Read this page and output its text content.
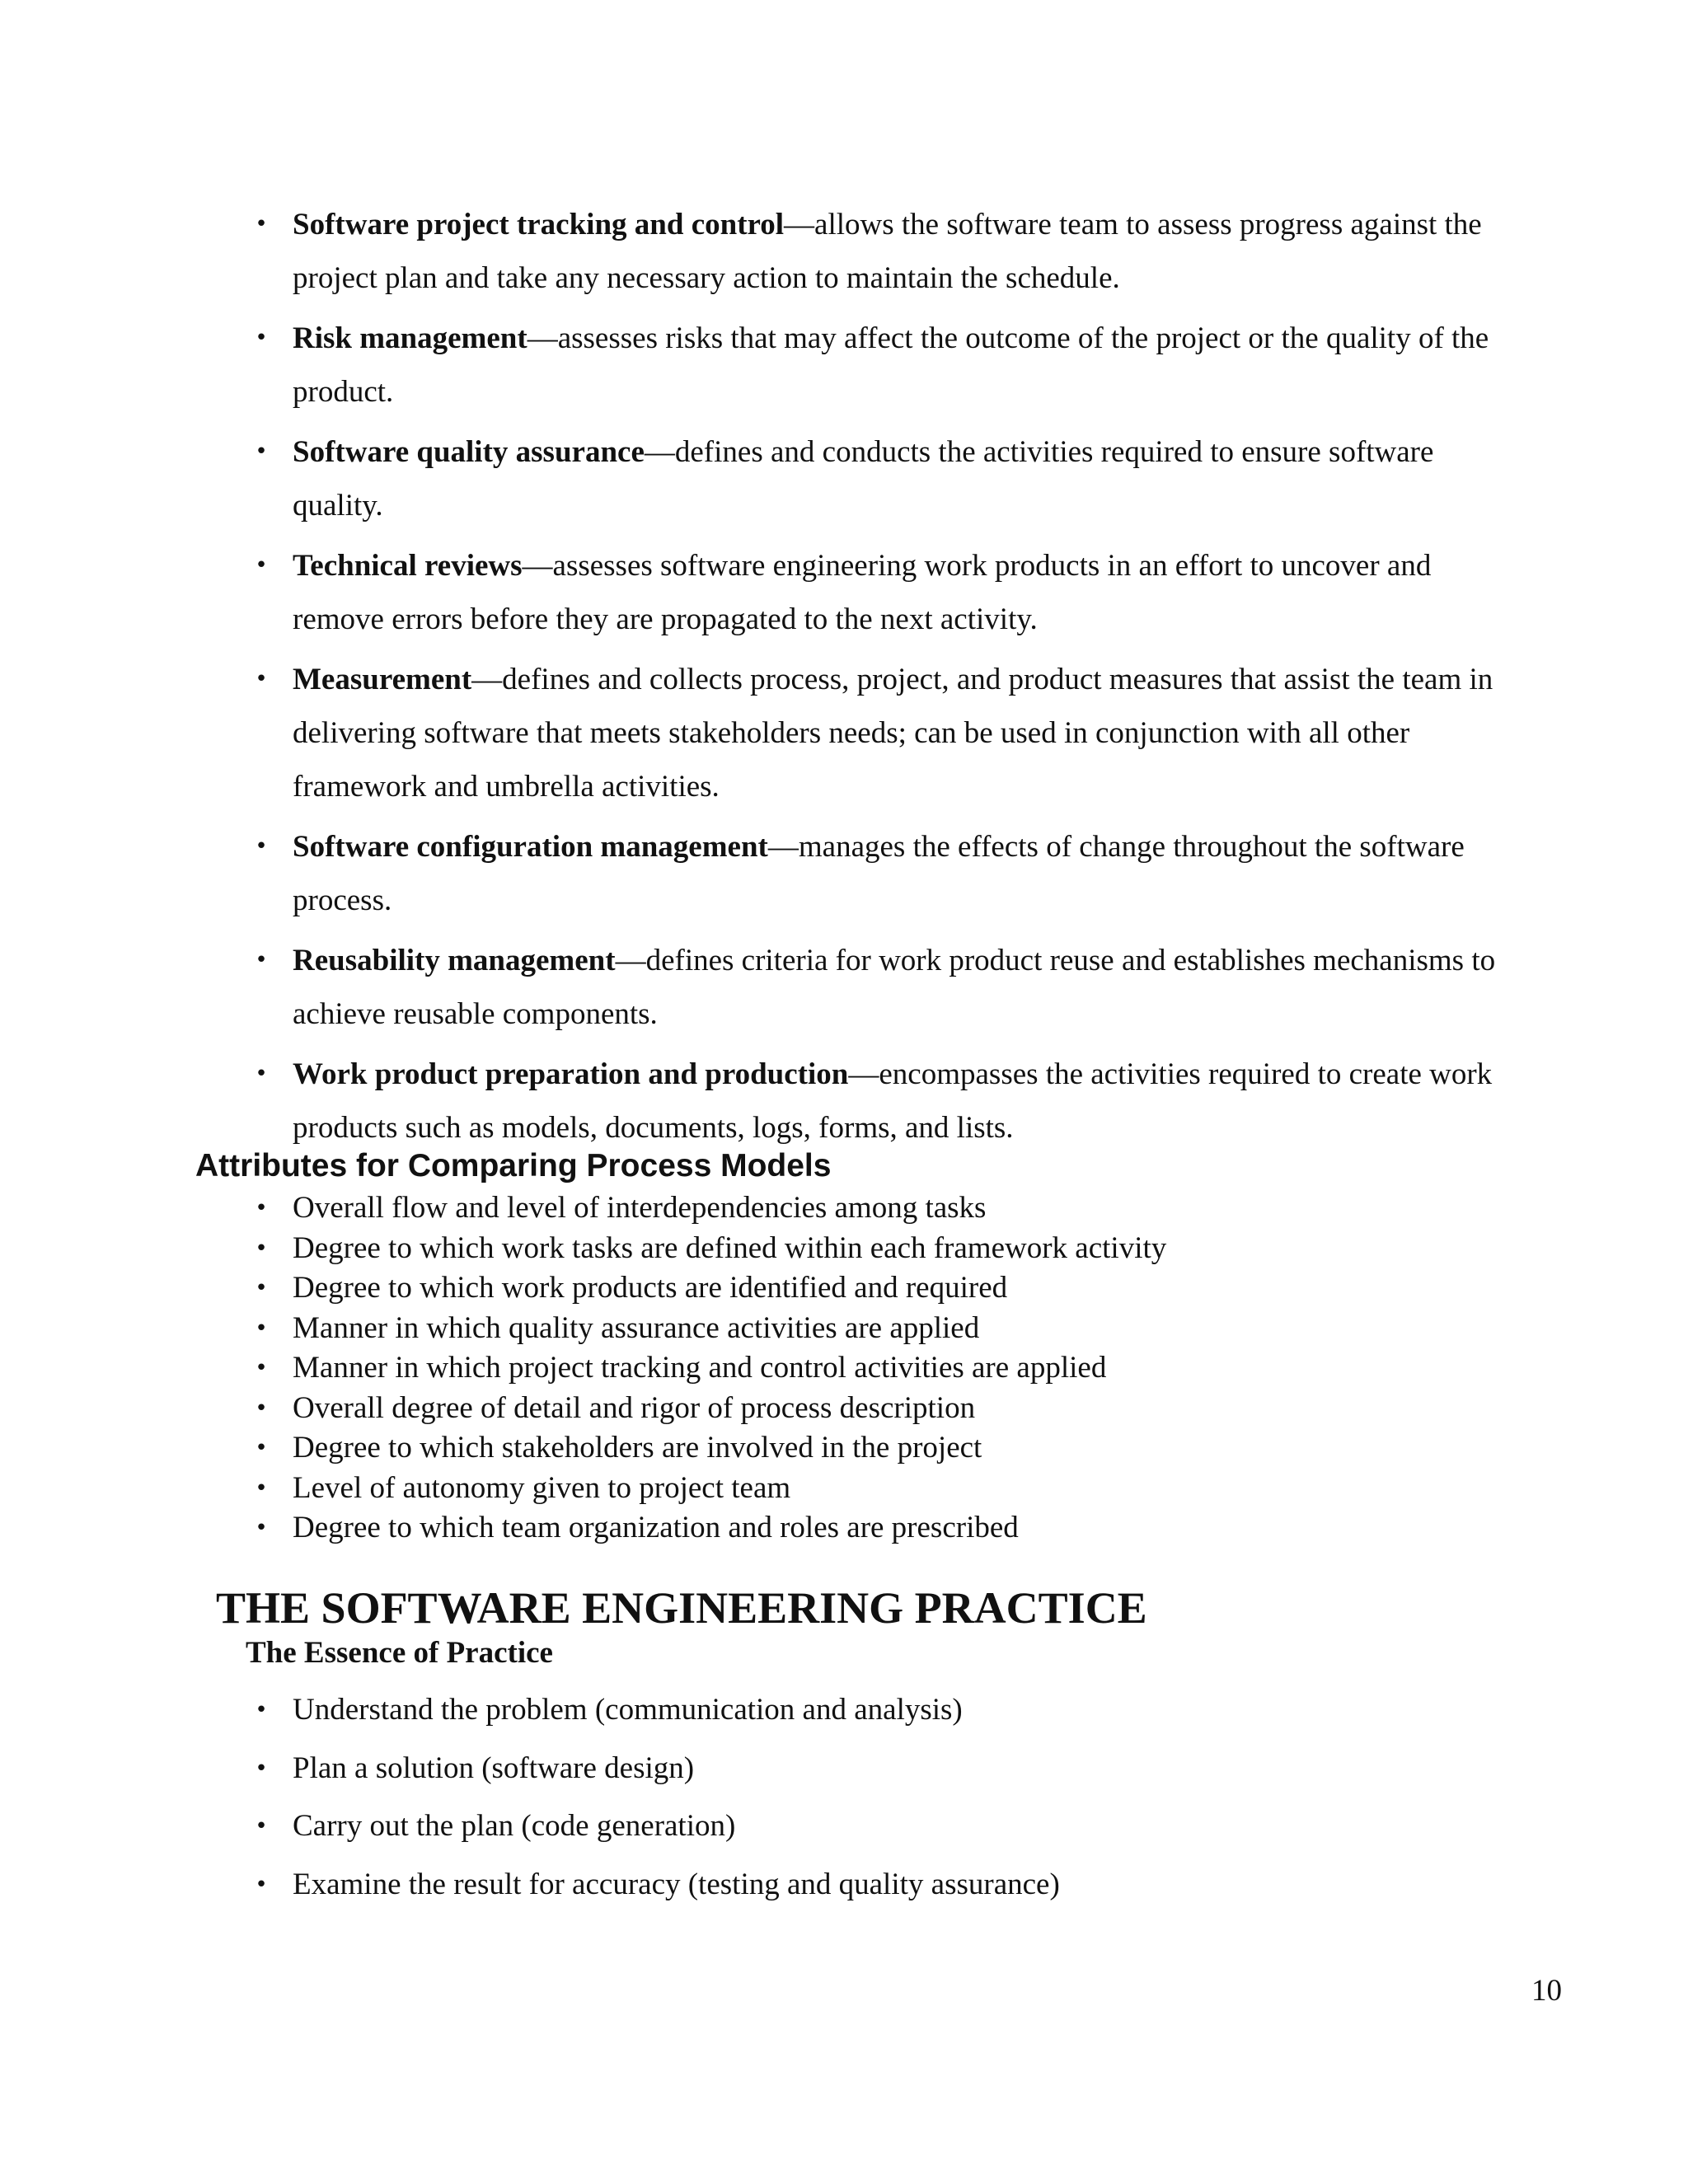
• Software project tracking and control—allows the software team to assess progress against the project plan and take any necessary action to maintain the schedule.
• Risk management—assesses risks that may affect the outcome of the project or the quality of the product.
• Software quality assurance—defines and conducts the activities required to ensure software quality.
• Technical reviews—assesses software engineering work products in an effort to uncover and remove errors before they are propagated to the next activity.
• Measurement—defines and collects process, project, and product measures that assist the team in delivering software that meets stakeholders needs; can be used in conjunction with all other framework and umbrella activities.
• Software configuration management—manages the effects of change throughout the software process.
• Reusability management—defines criteria for work product reuse and establishes mechanisms to achieve reusable components.
• Work product preparation and production—encompasses the activities required to create work products such as models, documents, logs, forms, and lists.
Attributes for Comparing Process Models
• Overall flow and level of interdependencies among tasks
• Degree to which work tasks are defined within each framework activity
• Degree to which work products are identified and required
• Manner in which quality assurance activities are applied
• Manner in which project tracking and control activities are applied
• Overall degree of detail and rigor of process description
• Degree to which stakeholders are involved in the project
• Level of autonomy given to project team
• Degree to which team organization and roles are prescribed
THE SOFTWARE ENGINEERING PRACTICE
The Essence of Practice
• Understand the problem (communication and analysis)
• Plan a solution (software design)
• Carry out the plan (code generation)
• Examine the result for accuracy (testing and quality assurance)
10
